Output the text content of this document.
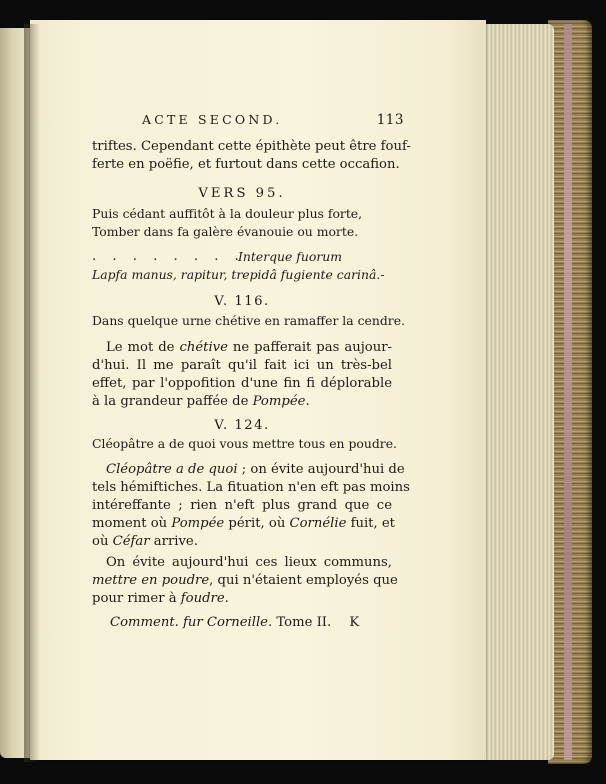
ACTE SECOND.	113
triftes. Cependant cette épithète peut être fouf-
ferte en poëfie, et furtout dans cette occafion.
VERS 95.
Puis cédant auffitôt à la douleur plus forte,
Tomber dans fa galère évanouie ou morte.
. . . . . . . .
Interque fuorum
Lapfa manus, rapitur, trepidâ fugiente carinâ.-
V. 116.
Dans quelque urne chétive en ramaffer la cendre.
Le mot de chétive ne pafferait pas aujour-
d'hui. Il me paraît qu'il fait ici un très-bel
effet, par l'oppofition d'une fin fi déplorable
à la grandeur paffée de Pompée.
V. 124.
Cléopâtre a de quoi vous mettre tous en poudre.
Cléopâtre a de quoi ; on évite aujourd'hui de
tels hémiftiches. La fituation n'en eft pas moins
intéreffante ; rien n'eft plus grand que ce
moment où Pompée périt, où Cornélie fuit, et
où Céfar arrive.
On évite aujourd'hui ces lieux communs,
mettre en poudre, qui n'étaient employés que
pour rimer à foudre.
Comment. fur Corneille. Tome II. K
